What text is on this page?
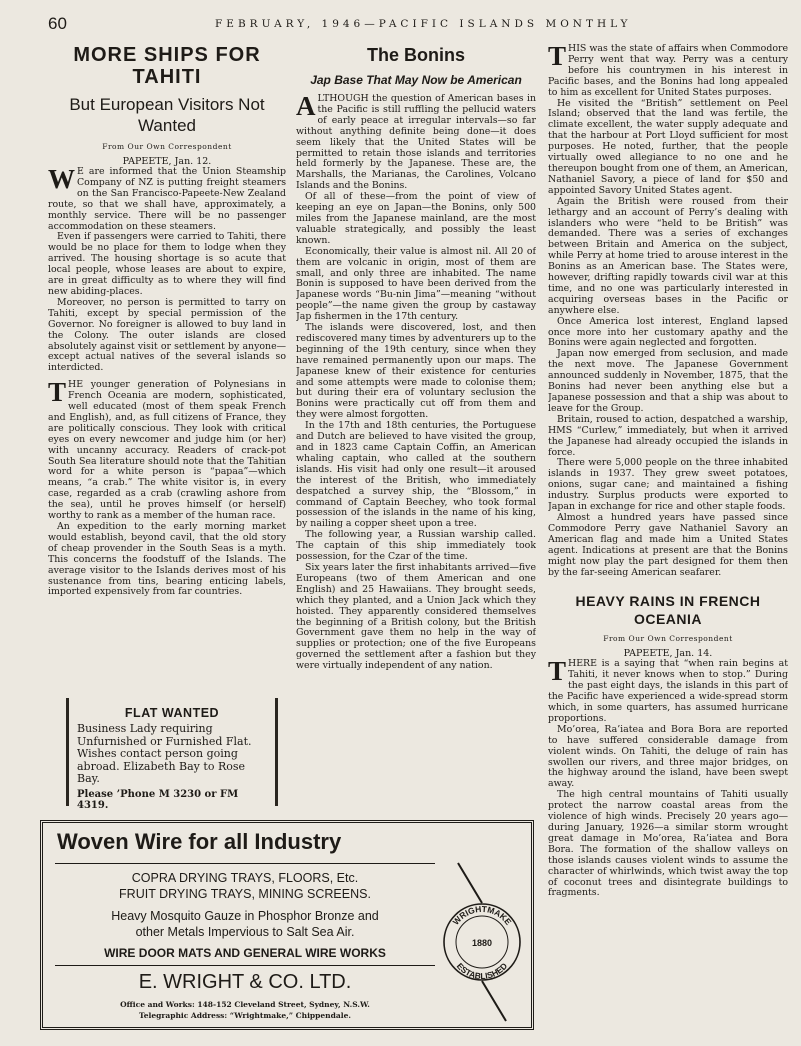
60	FEBRUARY, 1946—PACIFIC ISLANDS MONTHLY
MORE SHIPS FOR TAHITI
But European Visitors Not Wanted
From Our Own Correspondent

PAPEETE, Jan. 12.

W E are informed that the Union Steamship Company of NZ is putting freight steamers on the San Francisco-Papeete-New Zealand route, so that we shall have, approximately, a monthly service. There will be no passenger accommodation on these steamers.

Even if passengers were carried to Tahiti, there would be no place for them to lodge when they arrived. The housing shortage is so acute that local people, whose leases are about to expire, are in great difficulty as to where they will find new abiding-places.

Moreover, no person is permitted to tarry on Tahiti, except by special permission of the Governor. No foreigner is allowed to buy land in the Colony. The outer islands are closed absolutely against visit or settlement by anyone—except actual natives of the several islands so interdicted.

THE younger generation of Polynesians in French Oceania are modern, sophisticated, well educated (most of them speak French and English), and, as full citizens of France, they are politically conscious. They look with critical eyes on every newcomer and judge him (or her) with uncanny accuracy. Readers of crack-pot South Sea literature should note that the Tahitian word for a white person is “papaa”—which means, “a crab.” The white visitor is, in every case, regarded as a crab (crawling ashore from the sea), until he proves himself (or herself) worthy to rank as a member of the human race.

An expedition to the early morning market would establish, beyond cavil, that the old story of cheap provender in the South Seas is a myth. This concerns the foodstuff of the Islands. The average visitor to the Islands derives most of his sustenance from tins, bearing enticing labels, imported expensively from far countries.

FLAT WANTED

Business Lady requiring Unfurnished or Furnished Flat. Wishes contact person going abroad. Elizabeth Bay to Rose Bay.

Please ’Phone M 3230 or FM 4319.
The Bonins
Jap Base That May Now be American

ALTHOUGH the question of American bases in the Pacific is still ruffling the pellucid waters of early peace at irregular intervals—so far without anything definite being done—it does seem likely that the United States will be permitted to retain those islands and territories held formerly by the Japanese. These are, the Marshalls, the Marianas, the Carolines, Volcano Islands and the Bonins.

Of all of these—from the point of view of keeping an eye on Japan—the Bonins, only 500 miles from the Japanese mainland, are the most valuable strategically, and possibly the least known.

Economically, their value is almost nil. All 20 of them are volcanic in origin, most of them are small, and only three are inhabited. The name Bonin is supposed to have been derived from the Japanese words “Bu-nin Jima”—meaning “without people”—the name given the group by castaway Jap fishermen in the 17th century.

The islands were discovered, lost, and then rediscovered many times by adventurers up to the beginning of the 19th century, since when they have remained permanently upon our maps. The Japanese knew of their existence for centuries and some attempts were made to colonise them; but during their era of voluntary seclusion the Bonins were practically cut off from them and they were almost forgotten.

In the 17th and 18th centuries, the Portuguese and Dutch are believed to have visited the group, and in 1823 came Captain Coffin, an American whaling captain, who called at the southern islands. His visit had only one result—it aroused the interest of the British, who immediately despatched a survey ship, the “Blossom,” in command of Captain Beechey, who took formal possession of the islands in the name of his king, by nailing a copper sheet upon a tree.

The following year, a Russian warship called. The captain of this ship immediately took possession, for the Czar of the time.

Six years later the first inhabitants arrived—five Europeans (two of them American and one English) and 25 Hawaiians. They brought seeds, which they planted, and a Union Jack which they hoisted. They apparently considered themselves the beginning of a British colony, but the British Government gave them no help in the way of supplies or protection; one of the five Europeans governed the settlement after a fashion but they were virtually independent of any nation.

THIS was the state of affairs when Commodore Perry went that way. Perry was a century before his countrymen in his interest in Pacific bases, and the Bonins had long appealed to him as excellent for United States purposes.

He visited the “British” settlement on Peel Island; observed that the land was fertile, the climate excellent, the water supply adequate and that the harbour at Port Lloyd sufficient for most purposes. He noted, further, that the people virtually owed allegiance to no one and he thereupon bought from one of them, an American, Nathaniel Savory, a piece of land for $50 and appointed Savory United States agent.

Again the British were roused from their lethargy and an account of Perry’s dealing with islanders who were “held to be British” was demanded. There was a series of exchanges between Britain and America on the subject, while Perry at home tried to arouse interest in the Bonins as an American base. The States were, however, drifting rapidly towards civil war at this time, and no one was particularly interested in acquiring overseas bases in the Pacific or anywhere else.

Once America lost interest, England lapsed once more into her customary apathy and the Bonins were again neglected and forgotten.

Japan now emerged from seclusion, and made the next move. The Japanese Government announced suddenly in November, 1875, that the Bonins had never been anything else but a Japanese possession and that a ship was about to leave for the Group.

Britain, roused to action, despatched a warship, HMS “Curlew,” immediately, but when it arrived the Japanese had already occupied the islands in force.

There were 5,000 people on the three inhabited islands in 1937. They grew sweet potatoes, onions, sugar cane; and maintained a fishing industry. Surplus products were exported to Japan in exchange for rice and other staple foods.

Almost a hundred years have passed since Commodore Perry gave Nathaniel Savory an American flag and made him a United States agent. Indications at present are that the Bonins might now play the part designed for them then by the far-seeing American seafarer.

HEAVY RAINS IN FRENCH OCEANIA
From Our Own Correspondent

PAPEETE, Jan. 14.

THERE is a saying that “when rain begins at Tahiti, it never knows when to stop.” During the past eight days, the islands in this part of the Pacific have experienced a wide-spread storm which, in some quarters, has assumed hurricane proportions.

Mo’orea, Ra’iatea and Bora Bora are reported to have suffered considerable damage from violent winds. On Tahiti, the deluge of rain has swollen our rivers, and three major bridges, on the highway around the island, have been swept away.

The high central mountains of Tahiti usually protect the narrow coastal areas from the violence of high winds. Precisely 20 years ago—during January, 1926—a similar storm wrought great damage in Mo’orea, Ra’iatea and Bora Bora. The formation of the shallow valleys on those islands causes violent winds to assume the character of whirlwinds, which twist away the top of coconut trees and disintegrate buildings to fragments.

Woven Wire for all Industry
COPRA DRYING TRAYS, FLOORS, Etc.
FRUIT DRYING TRAYS, MINING SCREENS.
Heavy Mosquito Gauze in Phosphor Bronze and
other Metals Impervious to Salt Sea Air.
WIRE DOOR MATS AND GENERAL WIRE WORKS
E. WRIGHT & CO. LTD.
Office and Works: 148-152 Cleveland Street, Sydney, N.S.W.
Telegraphic Address: “Wrightmake,” Chippendale.
WRIGHTMAKE
ESTABLISHED
1880
